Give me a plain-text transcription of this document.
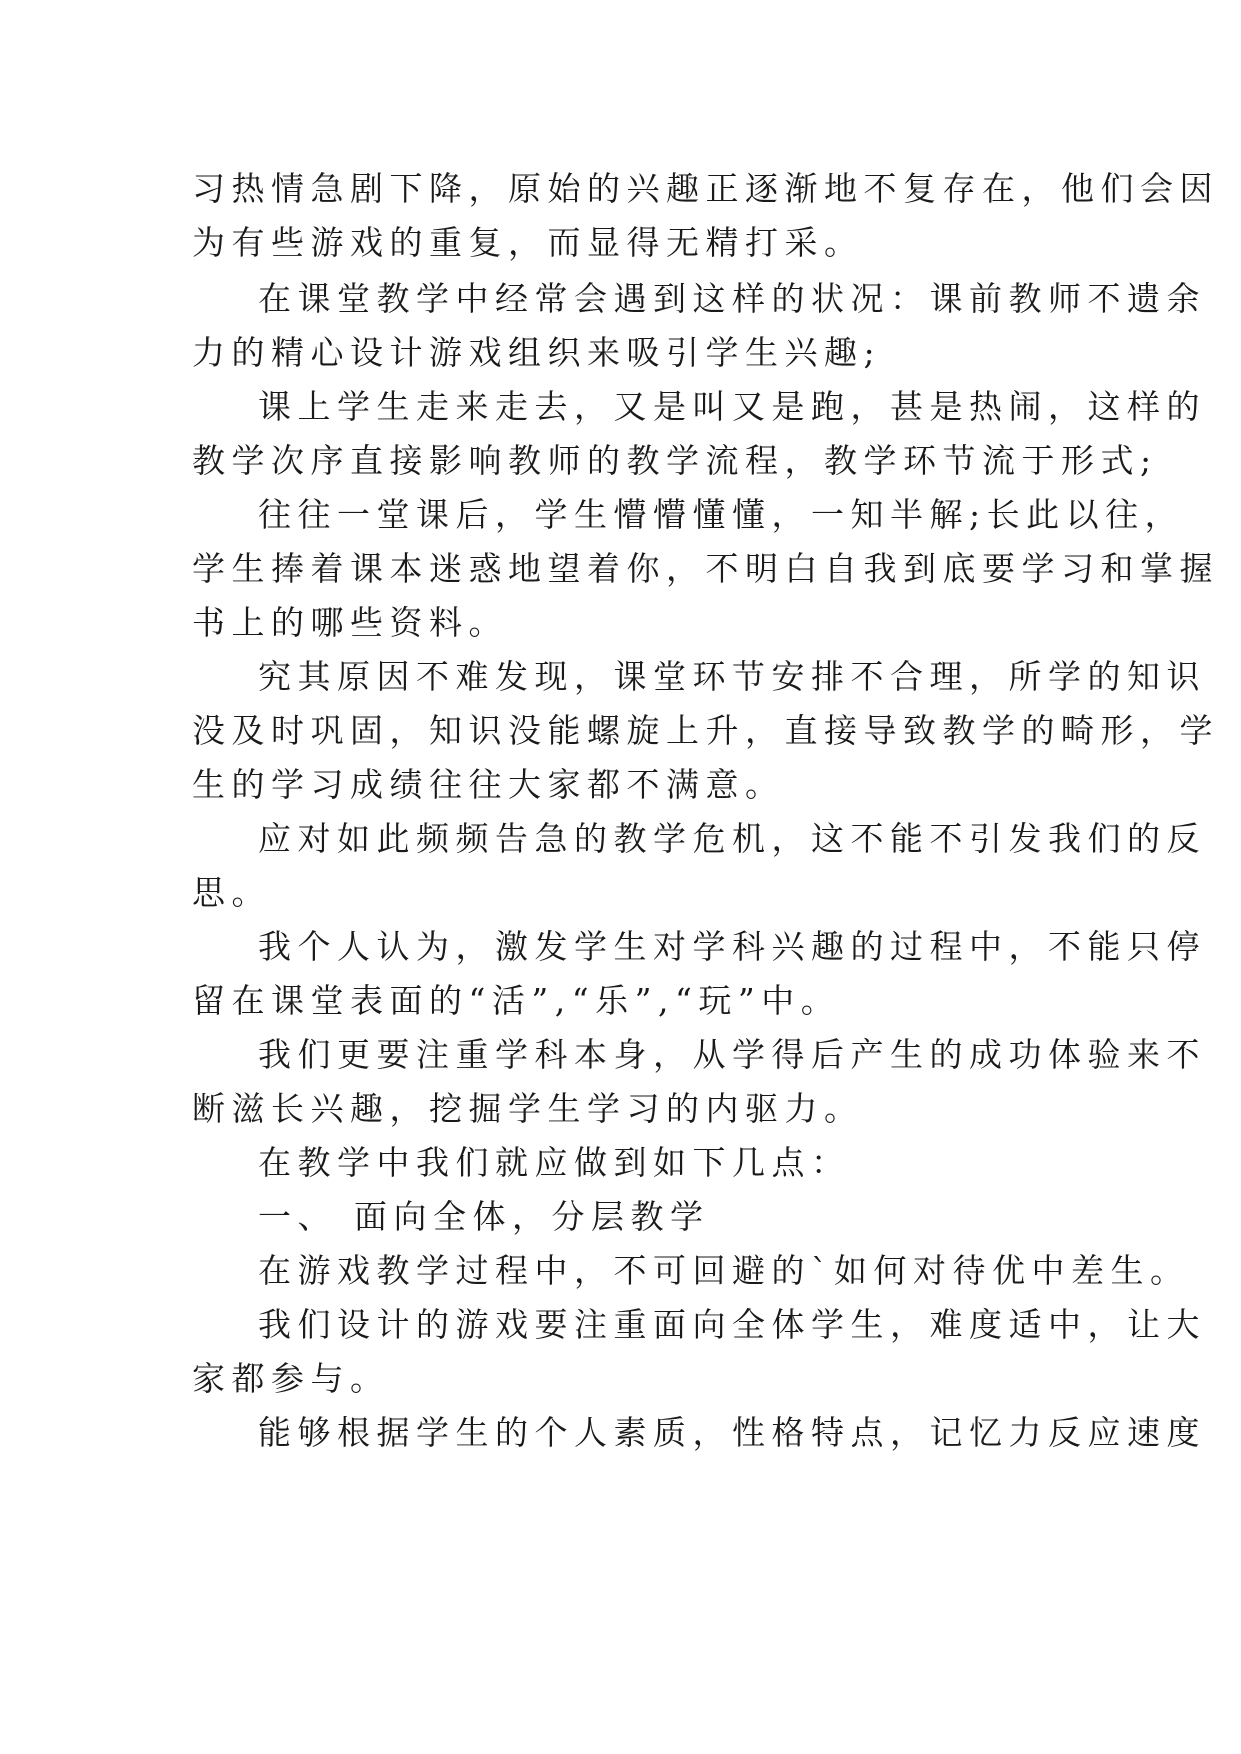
习热情急剧下降，原始的兴趣正逐渐地不复存在，他们会因
为有些游戏的重复，而显得无精打采。
在课堂教学中经常会遇到这样的状况：课前教师不遗余
力的精心设计游戏组织来吸引学生兴趣;
课上学生走来走去，又是叫又是跑，甚是热闹，这样的
教学次序直接影响教师的教学流程，教学环节流于形式;
往往一堂课后，学生懵懵懂懂，一知半解;长此以往，
学生捧着课本迷惑地望着你，不明白自我到底要学习和掌握
书上的哪些资料。
究其原因不难发现，课堂环节安排不合理，所学的知识
没及时巩固，知识没能螺旋上升，直接导致教学的畸形，学
生的学习成绩往往大家都不满意。
应对如此频频告急的教学危机，这不能不引发我们的反
思。
我个人认为，激发学生对学科兴趣的过程中，不能只停
留在课堂表面的“活”,“乐”,“玩”中。
我们更要注重学科本身，从学得后产生的成功体验来不
断滋长兴趣，挖掘学生学习的内驱力。
在教学中我们就应做到如下几点：
一、 面向全体，分层教学
在游戏教学过程中，不可回避的`如何对待优中差生。
我们设计的游戏要注重面向全体学生，难度适中，让大
家都参与。
能够根据学生的个人素质，性格特点，记忆力反应速度
